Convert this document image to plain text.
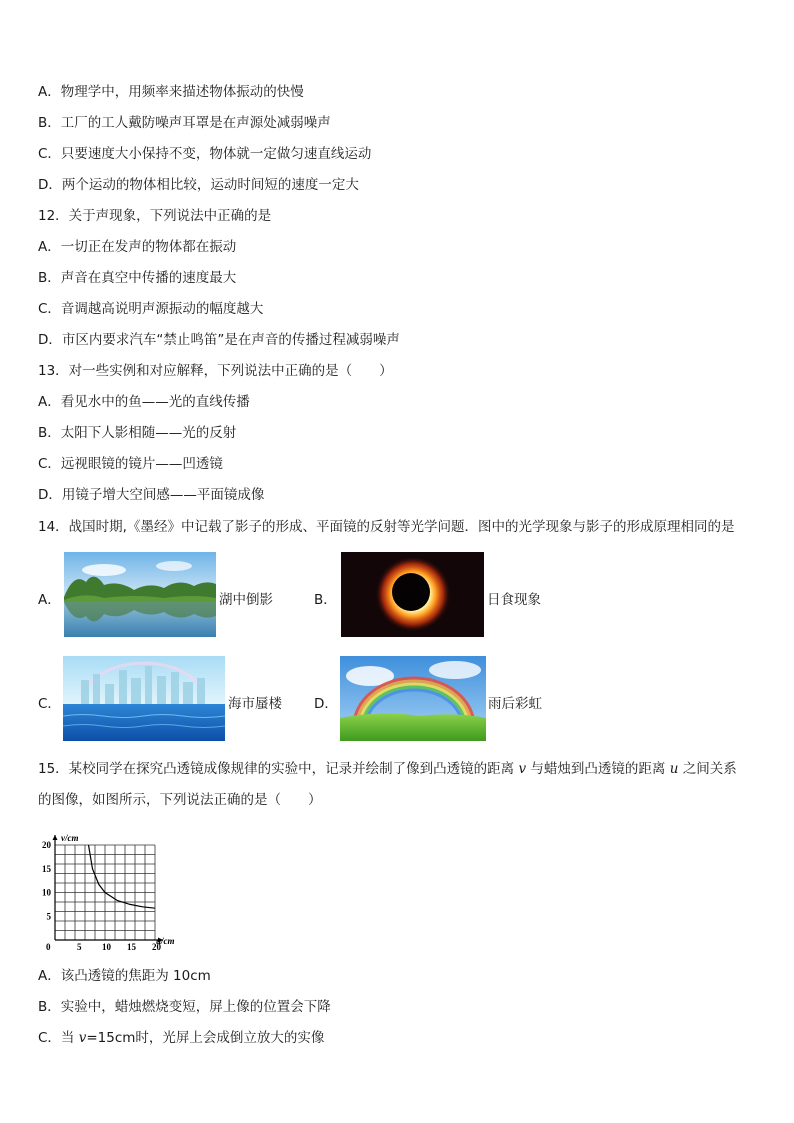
A．物理学中，用频率来描述物体振动的快慢
B．工厂的工人戴防噪声耳罩是在声源处减弱噪声
C．只要速度大小保持不变，物体就一定做匀速直线运动
D．两个运动的物体相比较，运动时间短的速度一定大
12．关于声现象，下列说法中正确的是
A．一切正在发声的物体都在振动
B．声音在真空中传播的速度最大
C．音调越高说明声源振动的幅度越大
D．市区内要求汽车“禁止鸣笛”是在声音的传播过程减弱噪声
13．对一些实例和对应解释，下列说法中正确的是（　　）
A．看见水中的鱼——光的直线传播
B．太阳下人影相随——光的反射
C．远视眼镜的镜片——凹透镜
D．用镜子增大空间感——平面镜成像
14．战国时期,《墨经》中记载了影子的形成、平面镜的反射等光学问题．图中的光学现象与影子的形成原理相同的是
A．	湖中倒影	B．	日食现象
C．	海市蜃楼 D．	雨后彩虹
15．某校同学在探究凸透镜成像规律的实验中，记录并绘制了像到凸透镜的距离 v 与蜡烛到凸透镜的距离 u 之间关系
的图像，如图所示，下列说法正确的是（　　）
0	5 10 15 20
5
10
15
20
u/cm
v/cm
A．该凸透镜的焦距为 10cm
B．实验中，蜡烛燃烧变短，屏上像的位置会下降
C．当 v=15cm时，光屏上会成倒立放大的实像
